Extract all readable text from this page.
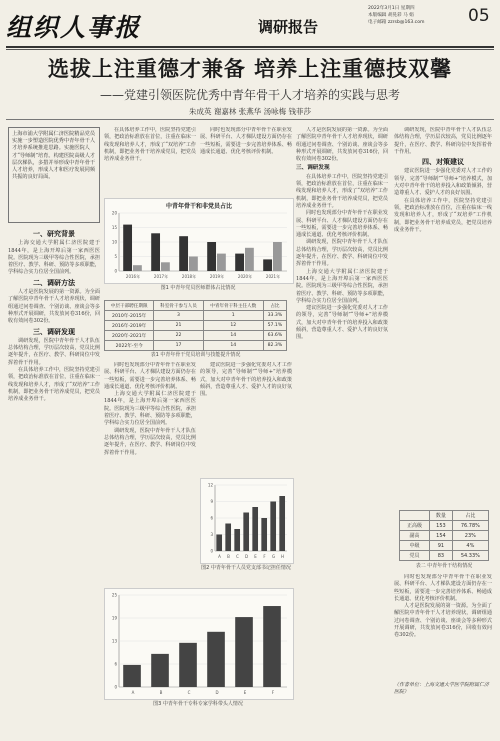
组织人事报	调研报告
2022年3月1日 星期四
本版编辑 胡晃彩 马 娟
电子邮箱 zzrsb@163.com	05
选拔上注重德才兼备 培养上注重德技双馨
——党建引领医院优秀中青年骨干人才培养的实践与思考
朱成英 谢嘉林 张燕华 汤咏梅 钱菲莎
上海市浦大学附属仁济医院精品党员实施一步塑造医院优秀中青年骨干人才培养系统推进思路。实施医院人才“导师制”培育。构建医院高级人才层次梯队，多措并举形成中青年骨干人才培养，形成人才和医疗发展同频共振的良好局面。
一、研究背景

上海交通大学附属仁济医院建于1844年，是上海开埠后第一家西医医院。医院现为三级甲等综合性医院，承担着医疗、教学、科研、预防等多项职能，学科综合实力位居全国前列。

二、调研方法

人才是医院发展的第一资源。为全面了解医院中青年骨干人才培养现状，调研组通过问卷调查、个别访谈、座谈会等多种形式开展调研，共发放问卷316份，回收有效问卷302份。

三、调研发现

调研发现，医院中青年骨干人才队伍总体结构合理，学历层次较高，党员比例逐年提升，在医疗、教学、科研岗位中发挥着骨干作用。

在具体培养工作中，医院坚持党建引领，把政治标准放在首位，注重在临床一线发现和培养人才，形成了“双培养”工作机制，即把业务骨干培养成党员，把党员培养成业务骨干。

在具体培养工作中，医院坚持党建引领，把政治标准放在首位，注重在临床一线发现和培养人才，形成了“双培养”工作机制，即把业务骨干培养成党员，把党员培养成业务骨干。

同时也发现部分中青年骨干在职业发展、科研平台、人才梯队建设方面仍存在一些短板，需要进一步完善培养体系、畅通成长通道、优化考核评价机制。

中青年骨干和非党员占比
0
5
10
15
20
2016年	2017年	2018年	2019年	2020年	2021年
图1 中青年党员医师群体占比情况
中层干部聘任期限	科室骨干参与人员	中青年骨干科主任人数	占比
2010年-2015年	3	1	33.3%
2016年-2019年	21	12	57.1%
2020年-2021年	22	14	63.6%
2022年-至今	17	14	82.3%
表1 中青年骨干党员培训与技能提升情况

同时也发现部分中青年骨干在职业发展、科研平台、人才梯队建设方面仍存在一些短板，需要进一步完善培养体系、畅通成长通道、优化考核评价机制。

上海交通大学附属仁济医院建于1844年，是上海开埠后第一家西医医院。医院现为三级甲等综合性医院，承担着医疗、教学、科研、预防等多项职能，学科综合实力位居全国前列。

调研发现，医院中青年骨干人才队伍总体结构合理，学历层次较高，党员比例逐年提升，在医疗、教学、科研岗位中发挥着骨干作用。

建议医院进一步强化党委对人才工作的领导，完善“导师制”“导师+”培养模式，加大对中青年骨干的培养投入和政策倾斜，营造尊重人才、爱护人才的良好氛围。

0
3
6
9
12
A B C D E F G H
图2 中青年骨干人员党支部书记担任情况
0
6
13
19
25
A	B	C	D	E	F
图3 中青年骨干专科专家学科带头人情况

人才是医院发展的第一资源。为全面了解医院中青年骨干人才培养现状，调研组通过问卷调查、个别访谈、座谈会等多种形式开展调研，共发放问卷316份，回收有效问卷302份。

三、调研发现

在具体培养工作中，医院坚持党建引领，把政治标准放在首位，注重在临床一线发现和培养人才，形成了“双培养”工作机制，即把业务骨干培养成党员，把党员培养成业务骨干。

同时也发现部分中青年骨干在职业发展、科研平台、人才梯队建设方面仍存在一些短板，需要进一步完善培养体系、畅通成长通道、优化考核评价机制。

调研发现，医院中青年骨干人才队伍总体结构合理，学历层次较高，党员比例逐年提升，在医疗、教学、科研岗位中发挥着骨干作用。

上海交通大学附属仁济医院建于1844年，是上海开埠后第一家西医医院。医院现为三级甲等综合性医院，承担着医疗、教学、科研、预防等多项职能，学科综合实力位居全国前列。

建议医院进一步强化党委对人才工作的领导，完善“导师制”“导师+”培养模式，加大对中青年骨干的培养投入和政策倾斜，营造尊重人才、爱护人才的良好氛围。

调研发现，医院中青年骨干人才队伍总体结构合理，学历层次较高，党员比例逐年提升，在医疗、教学、科研岗位中发挥着骨干作用。

四、对策建议

建议医院进一步强化党委对人才工作的领导，完善“导师制”“导师+”培养模式，加大对中青年骨干的培养投入和政策倾斜，营造尊重人才、爱护人才的良好氛围。

在具体培养工作中，医院坚持党建引领，把政治标准放在首位，注重在临床一线发现和培养人才，形成了“双培养”工作机制，即把业务骨干培养成党员，把党员培养成业务骨干。

	数量	占比
正高级	153	76.78%
副高	154	23%
中级	91	4%
党员	83	54.33%
表二 中青年骨干结构情况

同时也发现部分中青年骨干在职业发展、科研平台、人才梯队建设方面仍存在一些短板，需要进一步完善培养体系、畅通成长通道、优化考核评价机制。

人才是医院发展的第一资源。为全面了解医院中青年骨干人才培养现状，调研组通过问卷调查、个别访谈、座谈会等多种形式开展调研，共发放问卷316份，回收有效问卷302份。

（作者单位：上海交通大学医学院附属仁济医院）
